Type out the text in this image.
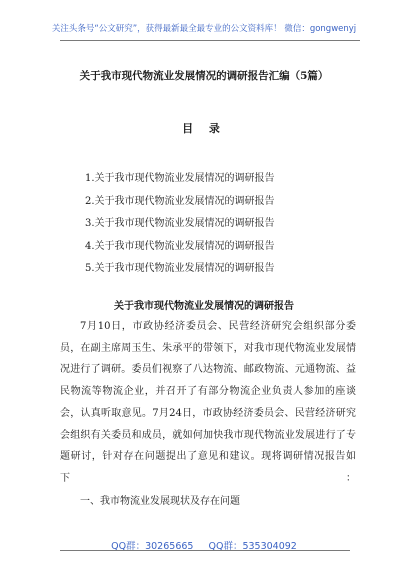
关注头条号“公文研究”，获得最新最全最专业的公文资料库！ 微信：gongwenyj
关于我市现代物流业发展情况的调研报告汇编（5篇）
目 录
1.关于我市现代物流业发展情况的调研报告
2.关于我市现代物流业发展情况的调研报告
3.关于我市现代物流业发展情况的调研报告
4.关于我市现代物流业发展情况的调研报告
5.关于我市现代物流业发展情况的调研报告
关于我市现代物流业发展情况的调研报告
7月10日，市政协经济委员会、民营经济研究会组织部分委员，在副主席周玉生、朱承平的带领下，对我市现代物流业发展情况进行了调研。委员们视察了八达物流、邮政物流、元通物流、益民物流等物流企业，并召开了有部分物流企业负责人参加的座谈会，认真听取意见。7月24日，市政协经济委员会、民营经济研究会组织有关委员和成员，就如何加快我市现代物流业发展进行了专题研讨，针对存在问题提出了意见和建议。现将调研情况报告如下：
一、我市物流业发展现状及存在问题
QQ群：30265665 QQ群：535304092
